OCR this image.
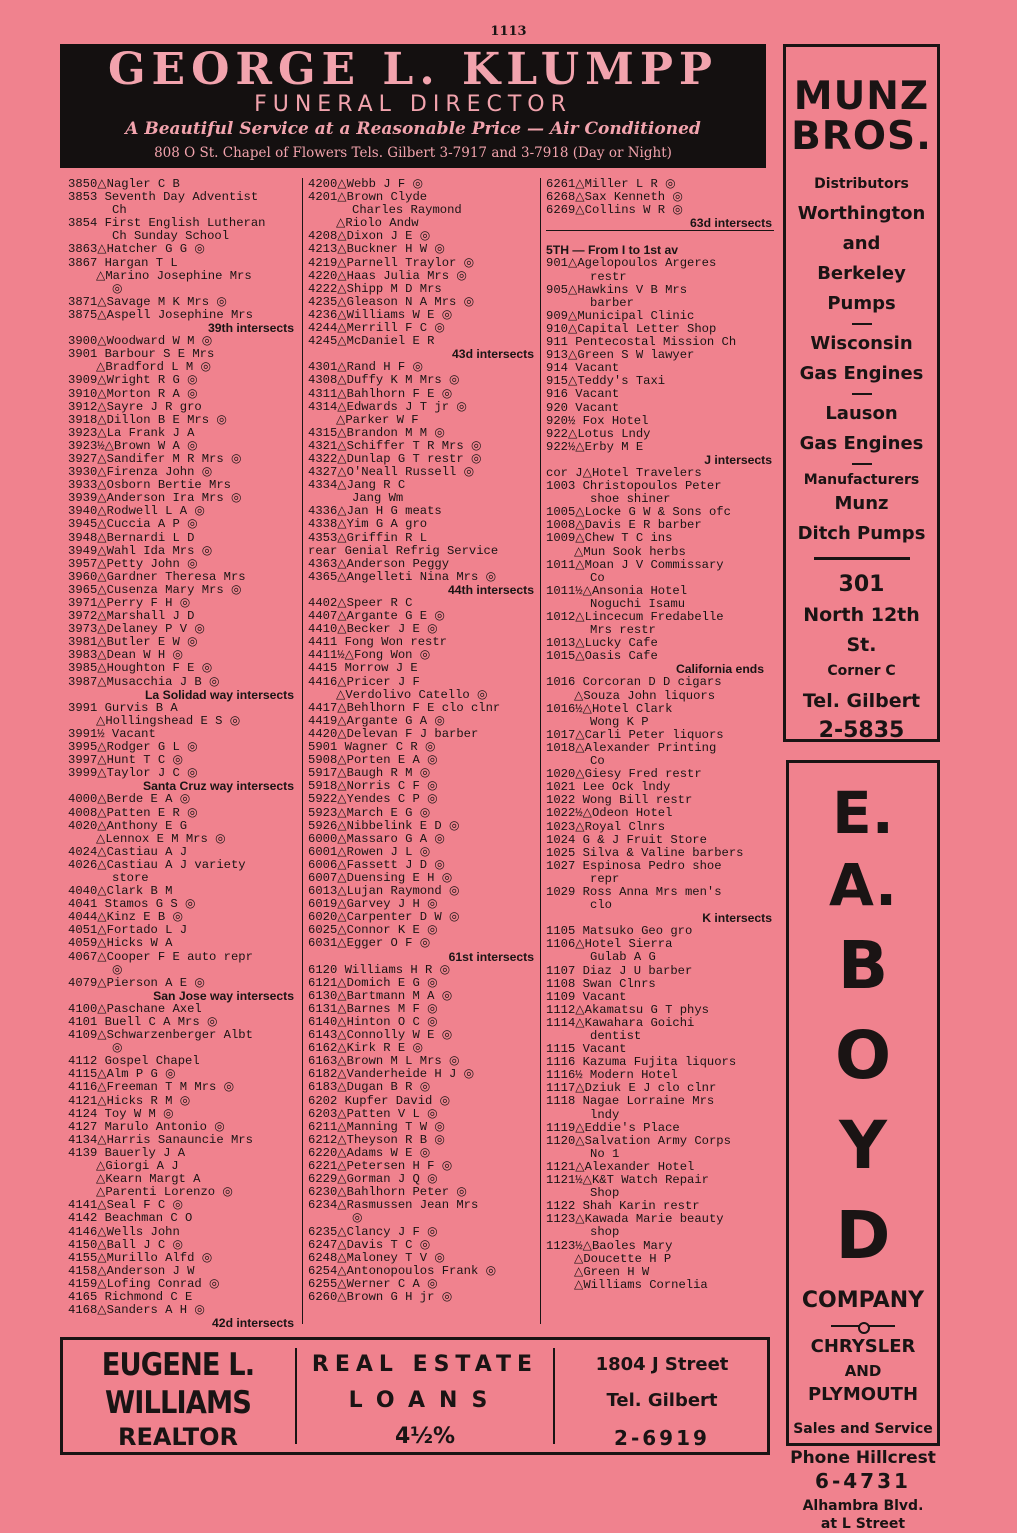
1113
GEORGE L. KLUMPP
FUNERAL DIRECTOR
A Beautiful Service at a Reasonable Price — Air Conditioned
808 O St. Chapel of Flowers Tels. Gilbert 3-7917 and 3-7918 (Day or Night)
3850△Nagler C B
3853 Seventh Day Adventist
Ch
3854 First English Lutheran
Ch Sunday School
3863△Hatcher G G ◎
3867 Hargan T L
△Marino Josephine Mrs
◎
3871△Savage M K Mrs ◎
3875△Aspell Josephine Mrs
39th intersects
3900△Woodward W M ◎
3901 Barbour S E Mrs
△Bradford L M ◎
3909△Wright R G ◎
3910△Morton R A ◎
3912△Sayre J R gro
3918△Dillon B E Mrs ◎
3923△La Frank J A
3923½△Brown W A ◎
3927△Sandifer M R Mrs ◎
3930△Firenza John ◎
3933△Osborn Bertie Mrs
3939△Anderson Ira Mrs ◎
3940△Rodwell L A ◎
3945△Cuccia A P ◎
3948△Bernardi L D
3949△Wahl Ida Mrs ◎
3957△Petty John ◎
3960△Gardner Theresa Mrs
3965△Cusenza Mary Mrs ◎
3971△Perry F H ◎
3972△Marshall J D
3973△Delaney P V ◎
3981△Butler E W ◎
3983△Dean W H ◎
3985△Houghton F E ◎
3987△Musacchia J B ◎
La Solidad way intersects
3991 Gurvis B A
△Hollingshead E S ◎
3991½ Vacant
3995△Rodger G L ◎
3997△Hunt T C ◎
3999△Taylor J C ◎
Santa Cruz way intersects
4000△Berde E A ◎
4008△Patten E R ◎
4020△Anthony E G
△Lennox E M Mrs ◎
4024△Castiau A J
4026△Castiau A J variety
store
4040△Clark B M
4041 Stamos G S ◎
4044△Kinz E B ◎
4051△Fortado L J
4059△Hicks W A
4067△Cooper F E auto repr
◎
4079△Pierson A E ◎
San Jose way intersects
4100△Paschane Axel
4101 Buell C A Mrs ◎
4109△Schwarzenberger Albt
◎
4112 Gospel Chapel
4115△Alm P G ◎
4116△Freeman T M Mrs ◎
4121△Hicks R M ◎
4124 Toy W M ◎
4127 Marulo Antonio ◎
4134△Harris Sanauncie Mrs
4139 Bauerly J A
△Giorgi A J
△Kearn Margt A
△Parenti Lorenzo ◎
4141△Seal F C ◎
4142 Beachman C O
4146△Wells John
4150△Ball J C ◎
4155△Murillo Alfd ◎
4158△Anderson J W
4159△Lofing Conrad ◎
4165 Richmond C E
4168△Sanders A H ◎
42d intersects
4200△Webb J F ◎
4201△Brown Clyde
Charles Raymond
△Riolo Andw
4208△Dixon J E ◎
4213△Buckner H W ◎
4219△Parnell Traylor ◎
4220△Haas Julia Mrs ◎
4222△Shipp M D Mrs
4235△Gleason N A Mrs ◎
4236△Williams W E ◎
4244△Merrill F C ◎
4245△McDaniel E R
43d intersects
4301△Rand H F ◎
4308△Duffy K M Mrs ◎
4311△Bahlhorn F E ◎
4314△Edwards J T jr ◎
△Parker W F
4315△Brandon M M ◎
4321△Schiffer T R Mrs ◎
4322△Dunlap G T restr ◎
4327△O'Neall Russell ◎
4334△Jang R C
Jang Wm
4336△Jan H G meats
4338△Yim G A gro
4353△Griffin R L
rear Genial Refrig Service
4363△Anderson Peggy
4365△Angelleti Nina Mrs ◎
44th intersects
4402△Speer R C
4407△Argante G E ◎
4410△Becker J E ◎
4411 Fong Won restr
4411½△Fong Won ◎
4415 Morrow J E
4416△Pricer J F
△Verdolivo Catello ◎
4417△Behlhorn F E clo clnr
4419△Argante G A ◎
4420△Delevan F J barber
5901 Wagner C R ◎
5908△Porten E A ◎
5917△Baugh R M ◎
5918△Norris C F ◎
5922△Yendes C P ◎
5923△March E G ◎
5926△Nibbelink E D ◎
6000△Massaro G A ◎
6001△Rowen J L ◎
6006△Fassett J D ◎
6007△Duensing E H ◎
6013△Lujan Raymond ◎
6019△Garvey J H ◎
6020△Carpenter D W ◎
6025△Connor K E ◎
6031△Egger O F ◎
61st intersects
6120 Williams H R ◎
6121△Domich E G ◎
6130△Bartmann M A ◎
6131△Barnes M F ◎
6140△Hinton O C ◎
6143△Connolly W E ◎
6162△Kirk R E ◎
6163△Brown M L Mrs ◎
6182△Vanderheide H J ◎
6183△Dugan B R ◎
6202 Kupfer David ◎
6203△Patten V L ◎
6211△Manning T W ◎
6212△Theyson R B ◎
6220△Adams W E ◎
6221△Petersen H F ◎
6229△Gorman J Q ◎
6230△Bahlhorn Peter ◎
6234△Rasmussen Jean Mrs
◎
6235△Clancy J F ◎
6247△Davis T C ◎
6248△Maloney T V ◎
6254△Antonopoulos Frank ◎
6255△Werner C A ◎
6260△Brown G H jr ◎
6261△Miller L R ◎
6268△Sax Kenneth ◎
6269△Collins W R ◎
63d intersects
5TH — From I to 1st av
901△Agelopoulos Argeres
restr
905△Hawkins V B Mrs
barber
909△Municipal Clinic
910△Capital Letter Shop
911 Pentecostal Mission Ch
913△Green S W lawyer
914 Vacant
915△Teddy's Taxi
916 Vacant
920 Vacant
920½ Fox Hotel
922△Lotus Lndy
922½△Erby M E
J intersects
cor J△Hotel Travelers
1003 Christopoulos Peter
shoe shiner
1005△Locke G W & Sons ofc
1008△Davis E R barber
1009△Chew T C ins
△Mun Sook herbs
1011△Moan J V Commissary
Co
1011½△Ansonia Hotel
Noguchi Isamu
1012△Lincecum Fredabelle
Mrs restr
1013△Lucky Cafe
1015△Oasis Cafe
California ends
1016 Corcoran D D cigars
△Souza John liquors
1016½△Hotel Clark
Wong K P
1017△Carli Peter liquors
1018△Alexander Printing
Co
1020△Giesy Fred restr
1021 Lee Ock lndy
1022 Wong Bill restr
1022½△Odeon Hotel
1023△Royal Clnrs
1024 G & J Fruit Store
1025 Silva & Valine barbers
1027 Espinosa Pedro shoe
repr
1029 Ross Anna Mrs men's
clo
K intersects
1105 Matsuko Geo gro
1106△Hotel Sierra
Gulab A G
1107 Diaz J U barber
1108 Swan Clnrs
1109 Vacant
1112△Akamatsu G T phys
1114△Kawahara Goichi
dentist
1115 Vacant
1116 Kazuma Fujita liquors
1116½ Modern Hotel
1117△Dziuk E J clo clnr
1118 Nagae Lorraine Mrs
lndy
1119△Eddie's Place
1120△Salvation Army Corps
No 1
1121△Alexander Hotel
1121½△K&T Watch Repair
Shop
1122 Shah Karin restr
1123△Kawada Marie beauty
shop
1123½△Baoles Mary
△Doucette H P
△Green H W
△Williams Cornelia
MUNZ
BROS.
Distributors
Worthington
and
Berkeley
Pumps
Wisconsin
Gas Engines
Lauson
Gas Engines
Manufacturers
Munz
Ditch Pumps
301
North 12th St.
Corner C
Tel. Gilbert
2-5835
E. A.
B
O
Y
D
COMPANY
CHRYSLER
AND
PLYMOUTH
Sales and Service
Phone Hillcrest
6-4731
Alhambra Blvd.
at L Street
EUGENE L.
WILLIAMS
REALTOR
REAL ESTATE
LOANS
4½%
1804 J Street
Tel. Gilbert
2-6919
